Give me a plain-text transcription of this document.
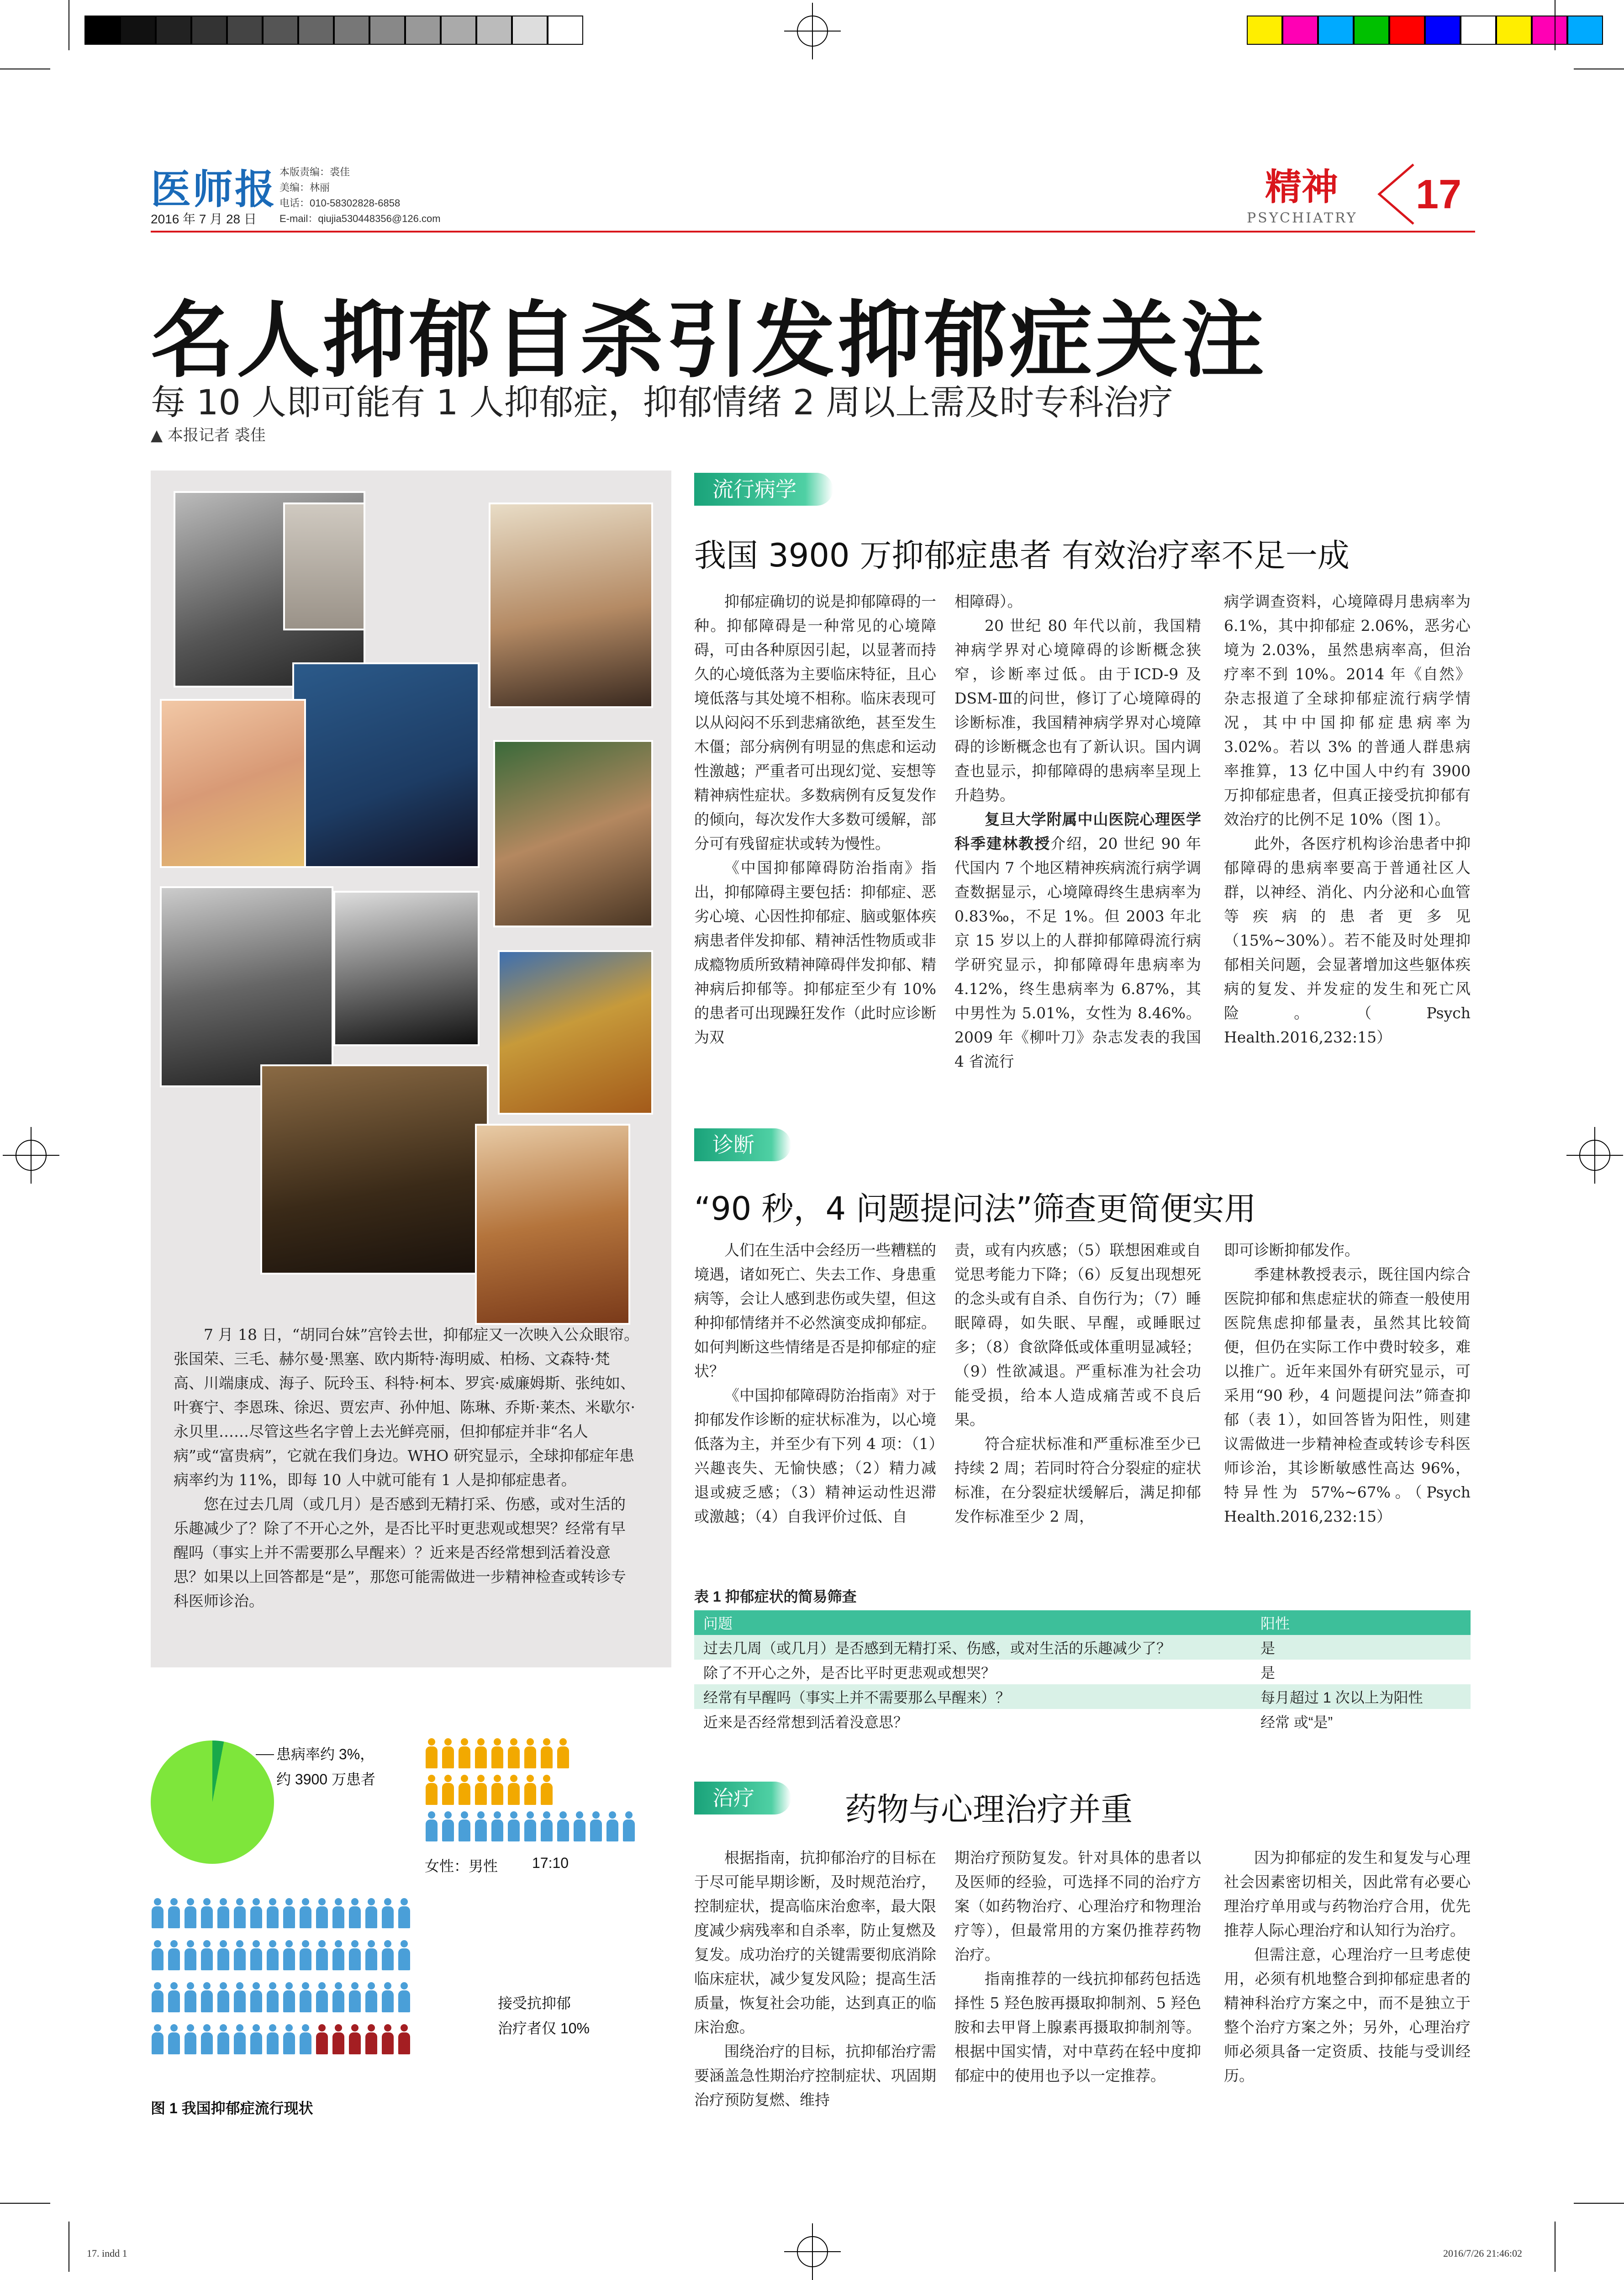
医师报
2016 年 7 月 28 日
本版责编：裘佳
美编：林丽
电话：010-58302828-6858
E-mail：qiujia530448356@126.com
精神
PSYCHIATRY
17
名人抑郁自杀引发抑郁症关注
每 10 人即可能有 1 人抑郁症，抑郁情绪 2 周以上需及时专科治疗
▲ 本报记者 裘佳

7 月 18 日，“胡同台妹”宫铃去世，抑郁症又一次映入公众眼帘。张国荣、三毛、赫尔曼·黑塞、欧内斯特·海明威、柏杨、文森特·梵高、川端康成、海子、阮玲玉、科特·柯本、罗宾·威廉姆斯、张纯如、叶赛宁、李恩珠、徐迟、贾宏声、孙仲旭、陈琳、乔斯·莱杰、米歇尔·永贝里……尽管这些名字曾上去光鲜亮丽，但抑郁症并非“名人病”或“富贵病”，它就在我们身边。WHO 研究显示，全球抑郁症年患病率约为 11%，即每 10 人中就可能有 1 人是抑郁症患者。

您在过去几周（或几月）是否感到无精打采、伤感，或对生活的乐趣减少了？除了不开心之外，是否比平时更悲观或想哭？经常有早醒吗（事实上并不需要那么早醒来）？近来是否经常想到活着没意思？如果以上回答都是“是”，那您可能需做进一步精神检查或转诊专科医师诊治。

患病率约 3%，
约 3900 万患者
女性：男性 17:10
接受抗抑郁
治疗者仅 10%
图 1 我国抑郁症流行现状
流行病学
我国 3900 万抑郁症患者 有效治疗率不足一成

抑郁症确切的说是抑郁障碍的一种。抑郁障碍是一种常见的心境障碍，可由各种原因引起，以显著而持久的心境低落为主要临床特征，且心境低落与其处境不相称。临床表现可以从闷闷不乐到悲痛欲绝，甚至发生木僵；部分病例有明显的焦虑和运动性激越；严重者可出现幻觉、妄想等精神病性症状。多数病例有反复发作的倾向，每次发作大多数可缓解，部分可有残留症状或转为慢性。

《中国抑郁障碍防治指南》指出，抑郁障碍主要包括：抑郁症、恶劣心境、心因性抑郁症、脑或躯体疾病患者伴发抑郁、精神活性物质或非成瘾物质所致精神障碍伴发抑郁、精神病后抑郁等。抑郁症至少有 10% 的患者可出现躁狂发作（此时应诊断为双

相障碍）。

20 世纪 80 年代以前，我国精神病学界对心境障碍的诊断概念狭窄，诊断率过低。由于ICD-9 及 DSM-Ⅲ的问世，修订了心境障碍的诊断标准，我国精神病学界对心境障碍的诊断概念也有了新认识。国内调查也显示，抑郁障碍的患病率呈现上升趋势。

复旦大学附属中山医院心理医学科季建林教授介绍，20 世纪 90 年代国内 7 个地区精神疾病流行病学调查数据显示，心境障碍终生患病率为 0.83‰，不足 1%。但 2003 年北京 15 岁以上的人群抑郁障碍流行病学研究显示，抑郁障碍年患病率为 4.12%，终生患病率为 6.87%，其中男性为 5.01%，女性为 8.46%。2009 年《柳叶刀》杂志发表的我国 4 省流行

病学调查资料，心境障碍月患病率为 6.1%，其中抑郁症 2.06%，恶劣心境为 2.03%，虽然患病率高，但治疗率不到 10%。2014 年《自然》杂志报道了全球抑郁症流行病学情况，其中中国抑郁症患病率为 3.02%。若以 3% 的普通人群患病率推算，13 亿中国人中约有 3900 万抑郁症患者，但真正接受抗抑郁有效治疗的比例不足 10%（图 1）。

此外，各医疗机构诊治患者中抑郁障碍的患病率要高于普通社区人群，以神经、消化、内分泌和心血管等疾病的患者更多见（15%~30%）。若不能及时处理抑郁相关问题，会显著增加这些躯体疾病的复发、并发症的发生和死亡风险。（Psych Health.2016,232:15）

诊断
“90 秒，4 问题提问法”筛查更简便实用

人们在生活中会经历一些糟糕的境遇，诸如死亡、失去工作、身患重病等，会让人感到悲伤或失望，但这种抑郁情绪并不必然演变成抑郁症。如何判断这些情绪是否是抑郁症的症状？

《中国抑郁障碍防治指南》对于抑郁发作诊断的症状标准为，以心境低落为主，并至少有下列 4 项：（1）兴趣丧失、无愉快感；（2）精力减退或疲乏感；（3）精神运动性迟滞或激越；（4）自我评价过低、自

责，或有内疚感；（5）联想困难或自觉思考能力下降；（6）反复出现想死的念头或有自杀、自伤行为；（7）睡眠障碍，如失眠、早醒，或睡眠过多；（8）食欲降低或体重明显减轻；（9）性欲减退。严重标准为社会功能受损，给本人造成痛苦或不良后果。

符合症状标准和严重标准至少已持续 2 周；若同时符合分裂症的症状标准，在分裂症状缓解后，满足抑郁发作标准至少 2 周，

即可诊断抑郁发作。

季建林教授表示，既往国内综合医院抑郁和焦虑症状的筛查一般使用医院焦虑抑郁量表，虽然其比较简便，但仍在实际工作中费时较多，难以推广。近年来国外有研究显示，可采用“90 秒，4 问题提问法”筛查抑郁（表 1），如回答皆为阳性，则建议需做进一步精神检查或转诊专科医师诊治，其诊断敏感性高达 96%，特异性为 57%~67%。（Psych Health.2016,232:15）

表 1 抑郁症状的简易筛查
问题	阳性
过去几周（或几月）是否感到无精打采、伤感，或对生活的乐趣减少了？	是
除了不开心之外，是否比平时更悲观或想哭？	是
经常有早醒吗（事实上并不需要那么早醒来）？	每月超过 1 次以上为阳性
近来是否经常想到活着没意思？	经常 或“是”
治疗	药物与心理治疗并重

根据指南，抗抑郁治疗的目标在于尽可能早期诊断，及时规范治疗，控制症状，提高临床治愈率，最大限度减少病残率和自杀率，防止复燃及复发。成功治疗的关键需要彻底消除临床症状，减少复发风险；提高生活质量，恢复社会功能，达到真正的临床治愈。

围绕治疗的目标，抗抑郁治疗需要涵盖急性期治疗控制症状、巩固期治疗预防复燃、维持

期治疗预防复发。针对具体的患者以及医师的经验，可选择不同的治疗方案（如药物治疗、心理治疗和物理治疗等），但最常用的方案仍推荐药物治疗。

指南推荐的一线抗抑郁药包括选择性 5 羟色胺再摄取抑制剂、5 羟色胺和去甲肾上腺素再摄取抑制剂等。根据中国实情，对中草药在轻中度抑郁症中的使用也予以一定推荐。

因为抑郁症的发生和复发与心理社会因素密切相关，因此常有必要心理治疗单用或与药物治疗合用，优先推荐人际心理治疗和认知行为治疗。

但需注意，心理治疗一旦考虑使用，必须有机地整合到抑郁症患者的精神科治疗方案之中，而不是独立于整个治疗方案之外；另外，心理治疗师必须具备一定资质、技能与受训经历。

17. indd 1	2016/7/26 21:46:02
